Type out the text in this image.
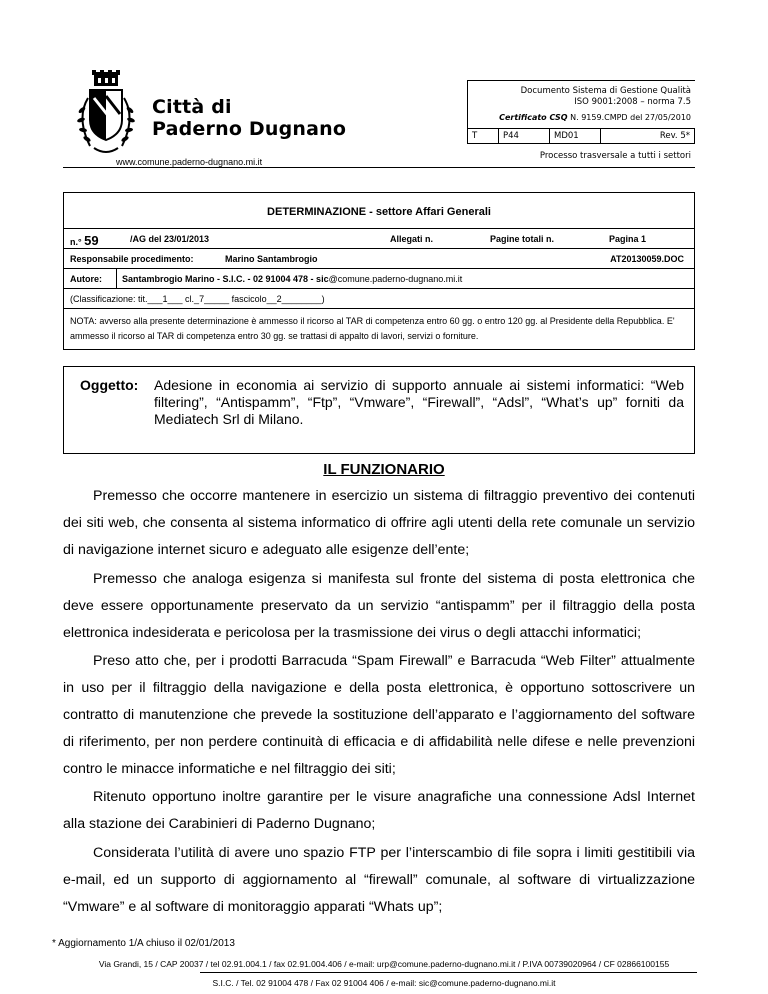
Città di
Paderno Dugnano
www.comune.paderno-dugnano.mi.it
Documento Sistema di Gestione Qualità
ISO 9001:2008 – norma 7.5
Certificato CSQ N. 9159.CMPD del 27/05/2010
T	P44	MD01	Rev. 5*
Processo trasversale a tutti i settori
DETERMINAZIONE - settore Affari Generali
n.° 59	/AG del 23/01/2013	Allegati n.	Pagine totali n.	Pagina 1
Responsabile procedimento:	Marino Santambrogio	AT20130059.DOC
Autore: Santambrogio Marino - S.I.C. - 02 91004 478 - sic@comune.paderno-dugnano.mi.it
(Classificazione: tit.___1___ cl._7_____ fascicolo__2________)
NOTA: avverso alla presente determinazione è ammesso il ricorso al TAR di competenza entro 60 gg. o entro 120 gg. al Presidente della Repubblica. E' ammesso il ricorso al TAR di competenza entro 30 gg. se trattasi di appalto di lavori, servizi o forniture.
Oggetto: Adesione in economia ai servizio di supporto annuale ai sistemi informatici: “Web filtering”, “Antispamm”, “Ftp”, “Vmware”, “Firewall”, “Adsl”, “What’s up” forniti da Mediatech Srl di Milano.
IL FUNZIONARIO
Premesso che occorre mantenere in esercizio un sistema di filtraggio preventivo dei contenuti dei siti web, che consenta al sistema informatico di offrire agli utenti della rete comunale un servizio di navigazione internet sicuro e adeguato alle esigenze dell’ente;
Premesso che analoga esigenza si manifesta sul fronte del sistema di posta elettronica che deve essere opportunamente preservato da un servizio “antispamm” per il filtraggio della posta elettronica indesiderata e pericolosa per la trasmissione dei virus o degli attacchi informatici;
Preso atto che, per i prodotti Barracuda “Spam Firewall” e Barracuda “Web Filter” attualmente in uso per il filtraggio della navigazione e della posta elettronica, è opportuno sottoscrivere un contratto di manutenzione che prevede la sostituzione dell’apparato e l’aggiornamento del software di riferimento, per non perdere continuità di efficacia e di affidabilità nelle difese e nelle prevenzioni contro le minacce informatiche e nel filtraggio dei siti;
Ritenuto opportuno inoltre garantire per le visure anagrafiche una connessione Adsl Internet alla stazione dei Carabinieri di Paderno Dugnano;
Considerata l’utilità di avere uno spazio FTP per l’interscambio di file sopra i limiti gestitibili via e-mail, ed un supporto di aggiornamento al “firewall” comunale, al software di virtualizzazione “Vmware” e al software di monitoraggio apparati “Whats up”;
* Aggiornamento 1/A chiuso il 02/01/2013
Via Grandi, 15 / CAP 20037 / tel 02.91.004.1 / fax 02.91.004.406 / e-mail: urp@comune.paderno-dugnano.mi.it / P.IVA 00739020964 / CF 02866100155
S.I.C. / Tel. 02 91004 478 / Fax 02 91004 406 / e-mail: sic@comune.paderno-dugnano.mi.it
